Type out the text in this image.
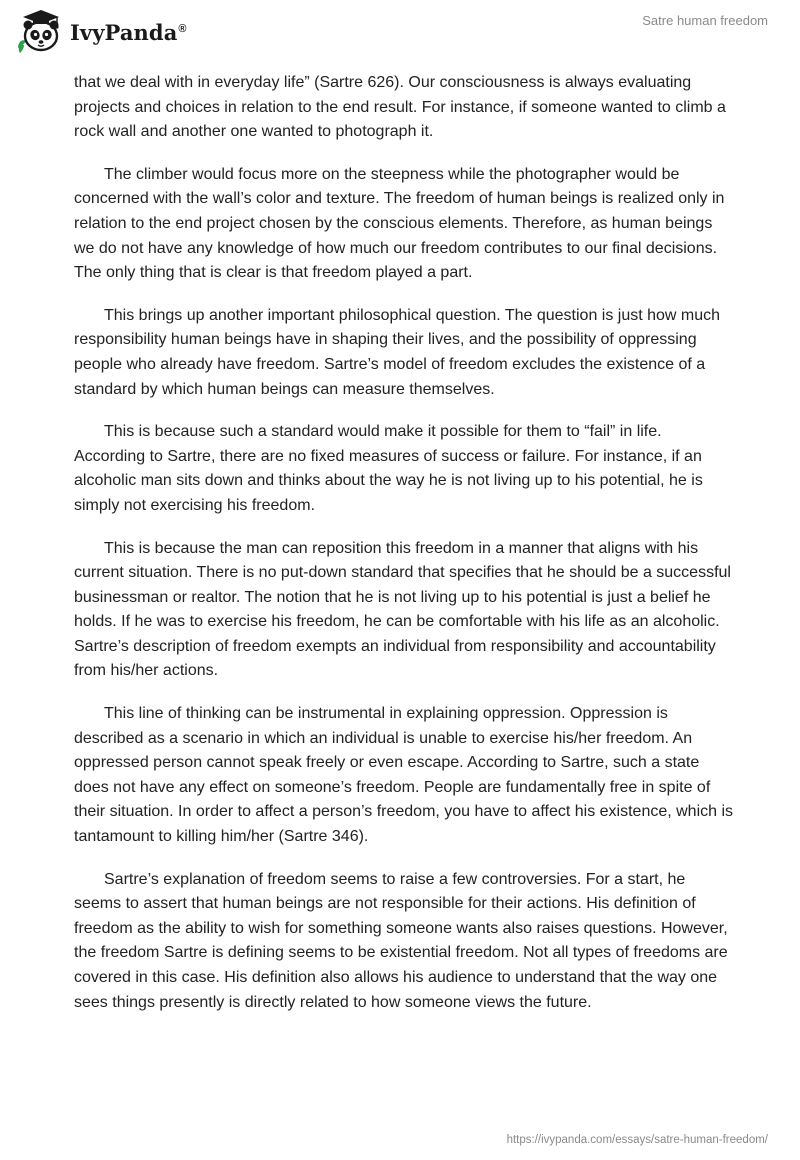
IvyPanda®
Satre human freedom

that we deal with in everyday life” (Sartre 626). Our consciousness is always evaluating projects and choices in relation to the end result. For instance, if someone wanted to climb a rock wall and another one wanted to photograph it.

The climber would focus more on the steepness while the photographer would be concerned with the wall’s color and texture. The freedom of human beings is realized only in relation to the end project chosen by the conscious elements. Therefore, as human beings we do not have any knowledge of how much our freedom contributes to our final decisions. The only thing that is clear is that freedom played a part.

This brings up another important philosophical question. The question is just how much responsibility human beings have in shaping their lives, and the possibility of oppressing people who already have freedom. Sartre’s model of freedom excludes the existence of a standard by which human beings can measure themselves.

This is because such a standard would make it possible for them to “fail” in life. According to Sartre, there are no fixed measures of success or failure. For instance, if an alcoholic man sits down and thinks about the way he is not living up to his potential, he is simply not exercising his freedom.

This is because the man can reposition this freedom in a manner that aligns with his current situation. There is no put-down standard that specifies that he should be a successful businessman or realtor. The notion that he is not living up to his potential is just a belief he holds. If he was to exercise his freedom, he can be comfortable with his life as an alcoholic. Sartre’s description of freedom exempts an individual from responsibility and accountability from his/her actions.

This line of thinking can be instrumental in explaining oppression. Oppression is described as a scenario in which an individual is unable to exercise his/her freedom. An oppressed person cannot speak freely or even escape. According to Sartre, such a state does not have any effect on someone’s freedom. People are fundamentally free in spite of their situation. In order to affect a person’s freedom, you have to affect his existence, which is tantamount to killing him/her (Sartre 346).

Sartre’s explanation of freedom seems to raise a few controversies. For a start, he seems to assert that human beings are not responsible for their actions. His definition of freedom as the ability to wish for something someone wants also raises questions. However, the freedom Sartre is defining seems to be existential freedom. Not all types of freedoms are covered in this case. His definition also allows his audience to understand that the way one sees things presently is directly related to how someone views the future.

https://ivypanda.com/essays/satre-human-freedom/
